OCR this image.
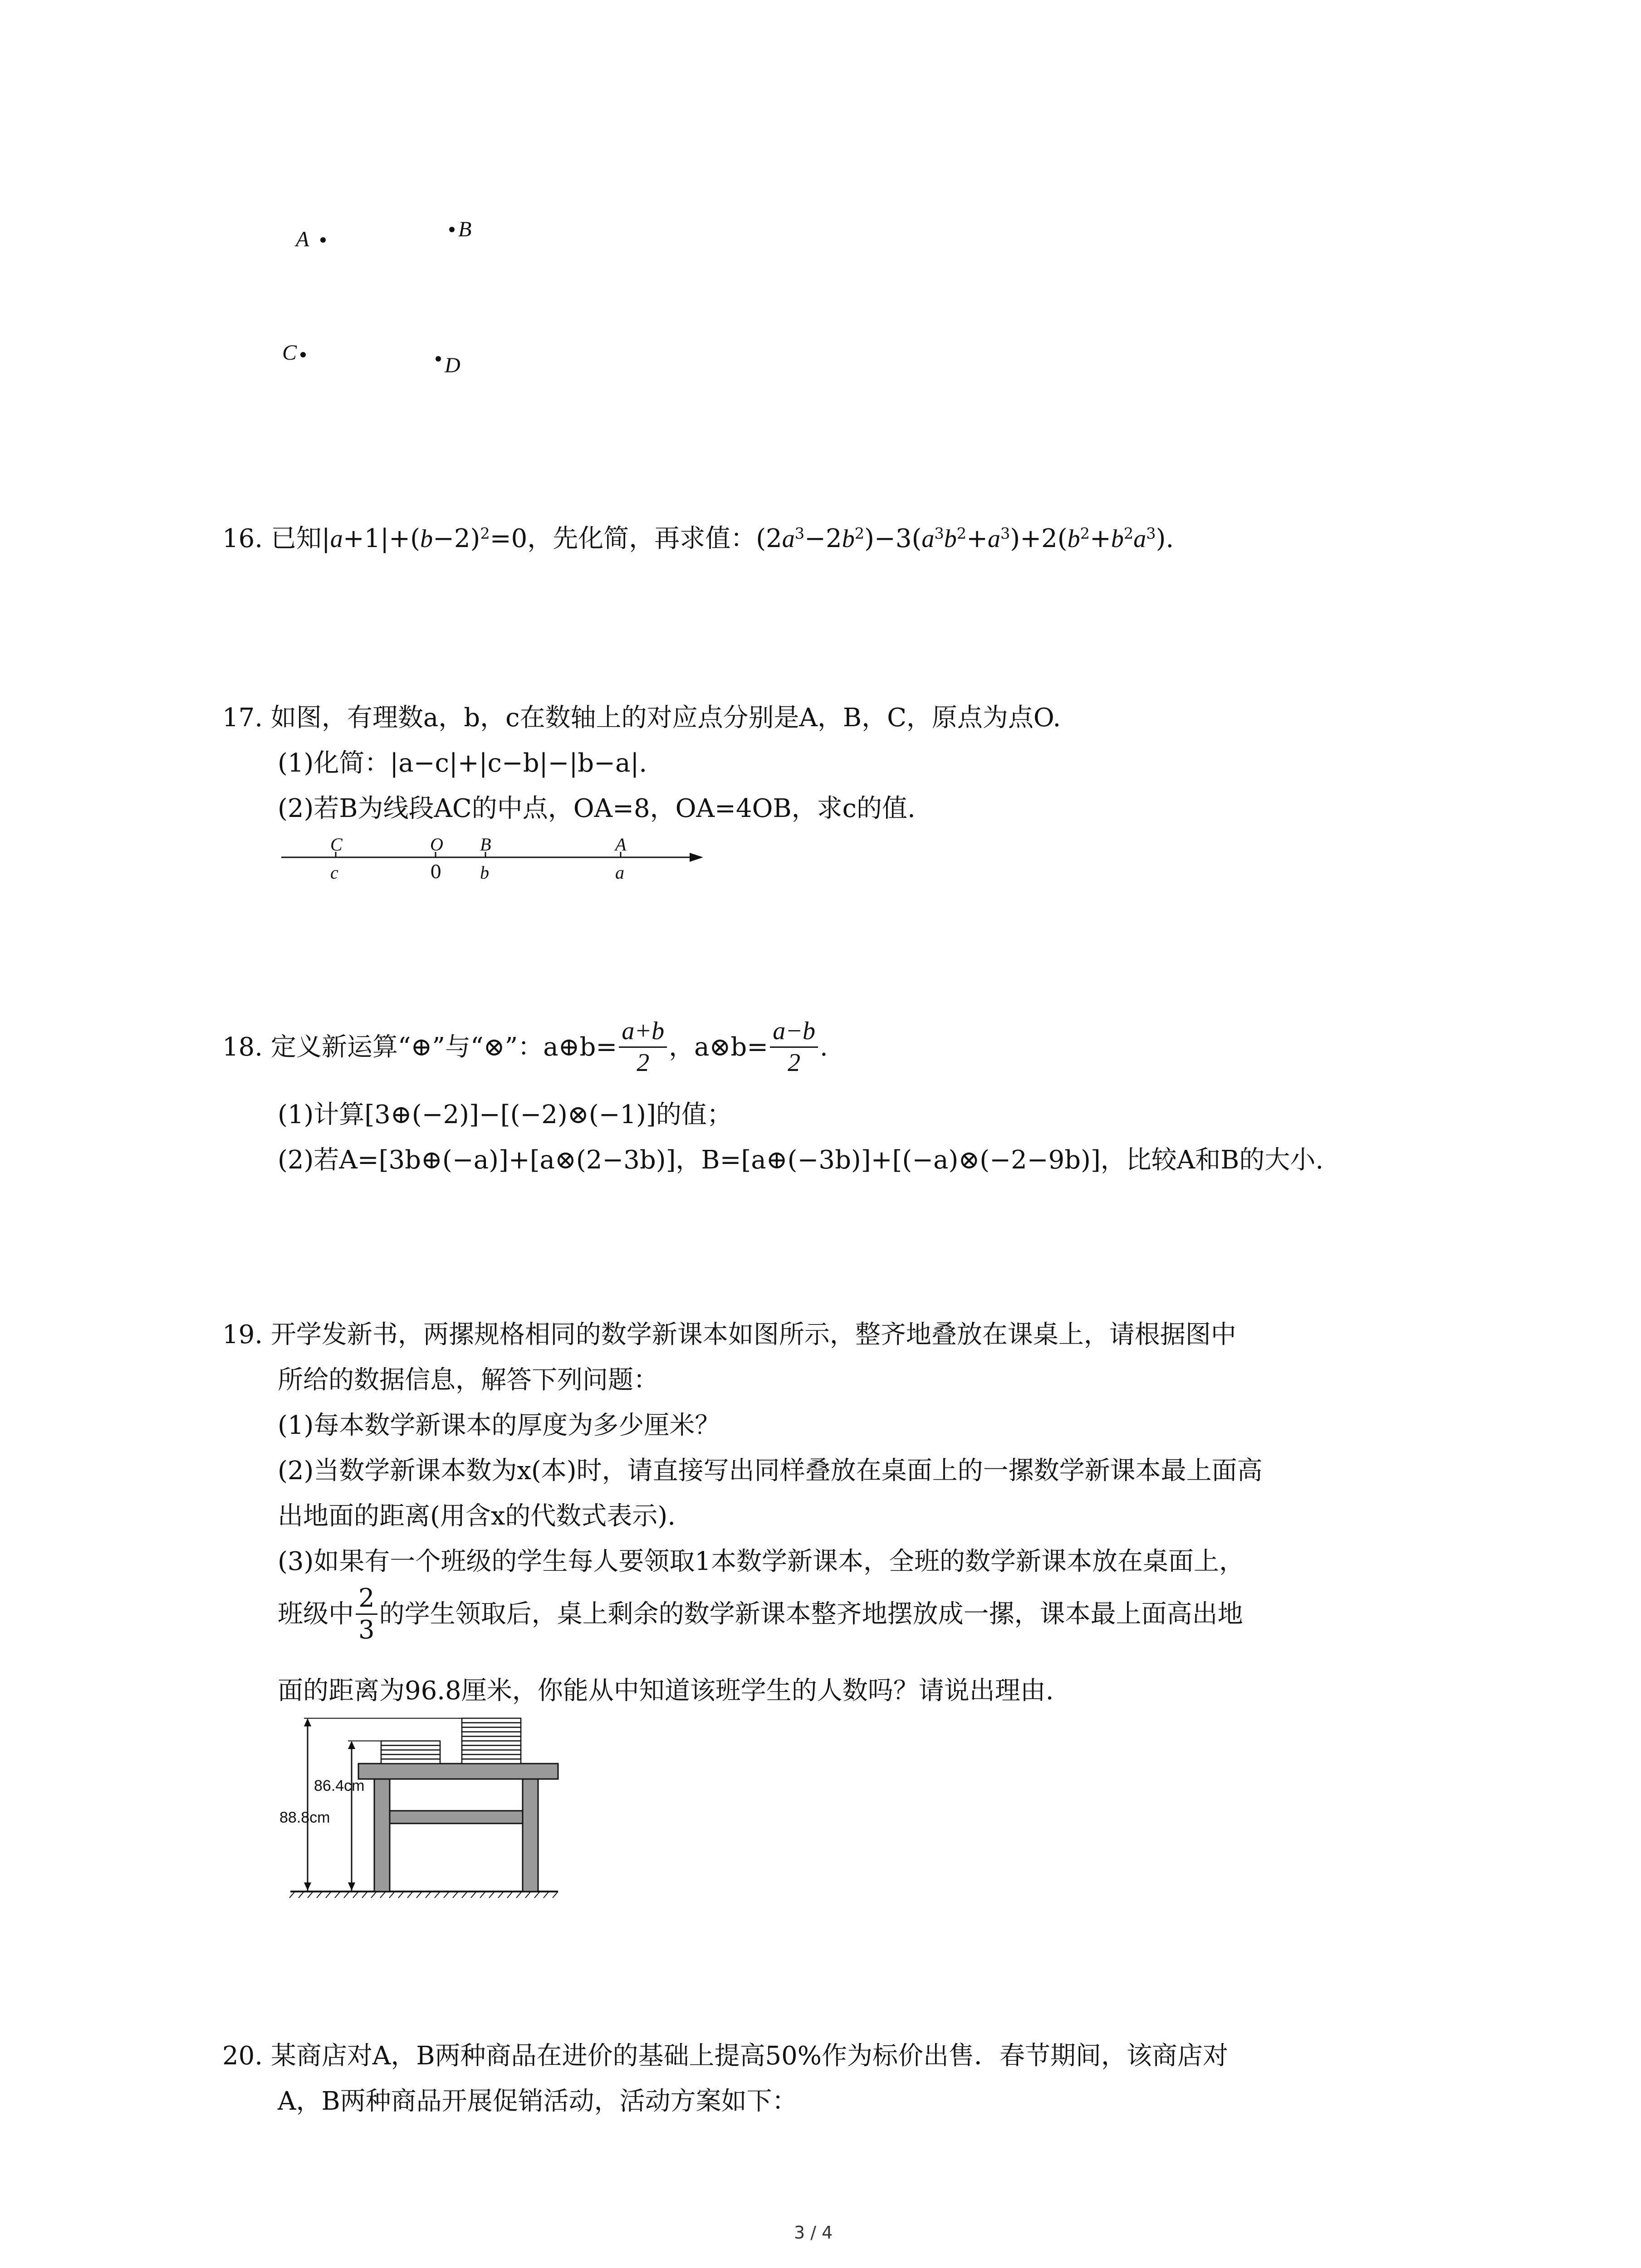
A	B
C
D
16. 已知$|a+1|+(b-2)^2=0$，先化简，再求值：$(2a^3-2b^2)-3(a^3b^2+a^3)+2(b^2+b^2a^3)$.
17. 如图，有理数a，b，c在数轴上的对应点分别是A，B，C，原点为点O.
(1)化简：|a−c|+|c−b|−|b−a|.
(2)若B为线段AC的中点，OA=8，OA=4OB，求c的值.
C	O B	A
c	0 b	a
18. 定义新运算“⊕”与“⊗”：a⊕b= $\frac{a+b}{2}$ ，a⊗b= $\frac{a-b}{2}$ .
(1)计算[3⊕(−2)]−[(−2)⊗(−1)]的值；
(2)若A=[3b⊕(−a)]+[a⊗(2−3b)]，B=[a⊕(−3b)]+[(−a)⊗(−2−9b)]，比较A和B的大小.
19. 开学发新书，两摞规格相同的数学新课本如图所示，整齐地叠放在课桌上，请根据图中
所给的数据信息，解答下列问题：
(1)每本数学新课本的厚度为多少厘米？
(2)当数学新课本数为x(本)时，请直接写出同样叠放在桌面上的一摞数学新课本最上面高
出地面的距离(用含x的代数式表示).
(3)如果有一个班级的学生每人要领取1本数学新课本，全班的数学新课本放在桌面上，
班级中 $\frac{2}{3}$ 的学生领取后，桌上剩余的数学新课本整齐地摆放成一摞，课本最上面高出地
面的距离为96.8厘米，你能从中知道该班学生的人数吗？请说出理由.
86.4cm
88.8cm
20. 某商店对A，B两种商品在进价的基础上提高50%作为标价出售．春节期间，该商店对
A，B两种商品开展促销活动，活动方案如下：
3 / 4
